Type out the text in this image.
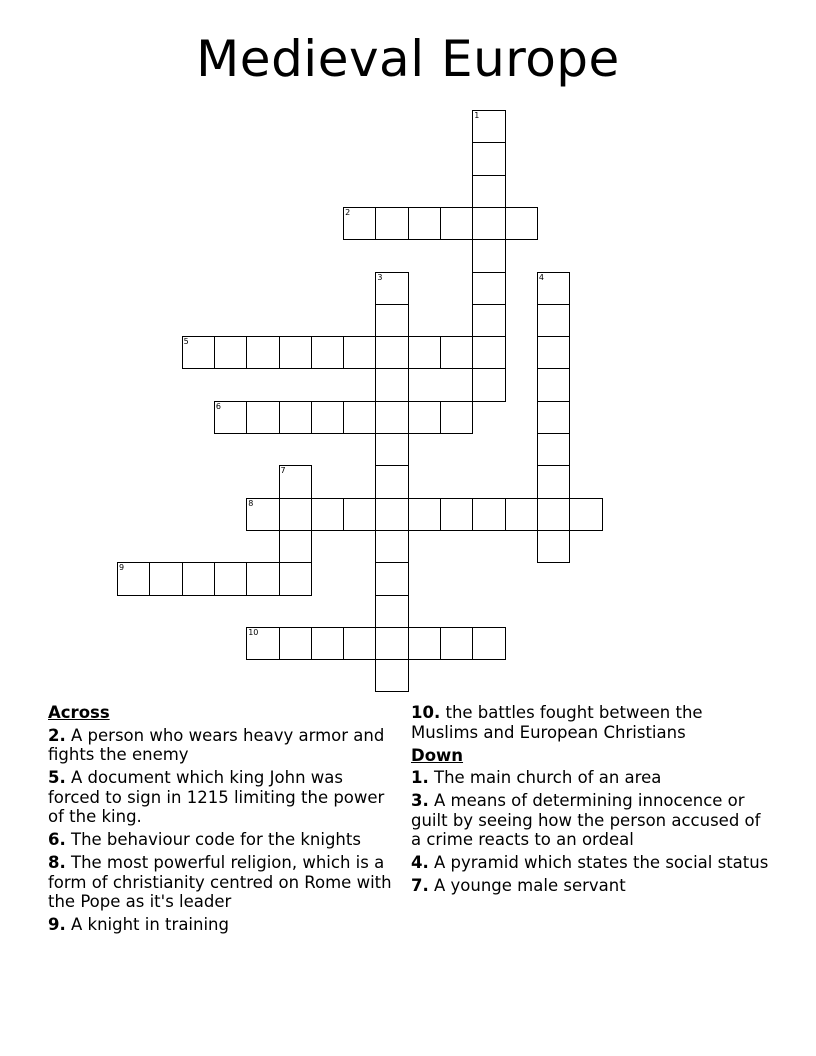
Medieval Europe
1
2
3	4
5
6
7
8
9
10
Across
2. A person who wears heavy armor and fights the enemy
5. A document which king John was forced to sign in 1215 limiting the power of the king.
6. The behaviour code for the knights
8. The most powerful religion, which is a form of christianity centred on Rome with the Pope as it's leader
9. A knight in training
10. the battles fought between the Muslims and European Christians
Down
1. The main church of an area
3. A means of determining innocence or guilt by seeing how the person accused of a crime reacts to an ordeal
4. A pyramid which states the social status
7. A younge male servant
